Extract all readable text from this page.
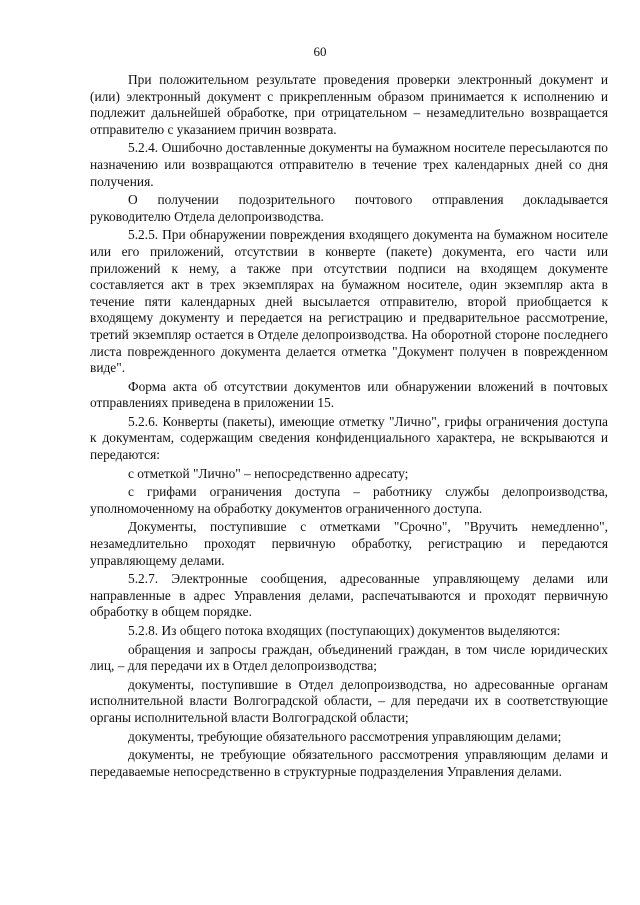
60

При положительном результате проведения проверки электронный документ и (или) электронный документ с прикрепленным образом принимается к исполнению и подлежит дальнейшей обработке, при отрицательном – незамедлительно возвращается отправителю с указанием причин возврата.

5.2.4. Ошибочно доставленные документы на бумажном носителе пересылаются по назначению или возвращаются отправителю в течение трех календарных дней со дня получения.

О получении подозрительного почтового отправления докладывается руководителю Отдела делопроизводства.

5.2.5. При обнаружении повреждения входящего документа на бумажном носителе или его приложений, отсутствии в конверте (пакете) документа, его части или приложений к нему, а также при отсутствии подписи на входящем документе составляется акт в трех экземплярах на бумажном носителе, один экземпляр акта в течение пяти календарных дней высылается отправителю, второй приобщается к входящему документу и передается на регистрацию и предварительное рассмотрение, третий экземпляр остается в Отделе делопроизводства. На оборотной стороне последнего листа поврежденного документа делается отметка "Документ получен в поврежденном виде".

Форма акта об отсутствии документов или обнаружении вложений в почтовых отправлениях приведена в приложении 15.

5.2.6. Конверты (пакеты), имеющие отметку "Лично", грифы ограничения доступа к документам, содержащим сведения конфиденциального характера, не вскрываются и передаются:

с отметкой "Лично" – непосредственно адресату;

с грифами ограничения доступа – работнику службы делопроизводства, уполномоченному на обработку документов ограниченного доступа.

Документы, поступившие с отметками "Срочно", "Вручить немедленно", незамедлительно проходят первичную обработку, регистрацию и передаются управляющему делами.

5.2.7. Электронные сообщения, адресованные управляющему делами или направленные в адрес Управления делами, распечатываются и проходят первичную обработку в общем порядке.

5.2.8. Из общего потока входящих (поступающих) документов выделяются:

обращения и запросы граждан, объединений граждан, в том числе юридических лиц, – для передачи их в Отдел делопроизводства;

документы, поступившие в Отдел делопроизводства, но адресованные органам исполнительной власти Волгоградской области, – для передачи их в соответствующие органы исполнительной власти Волгоградской области;

документы, требующие обязательного рассмотрения управляющим делами;

документы, не требующие обязательного рассмотрения управляющим делами и передаваемые непосредственно в структурные подразделения Управления делами.
